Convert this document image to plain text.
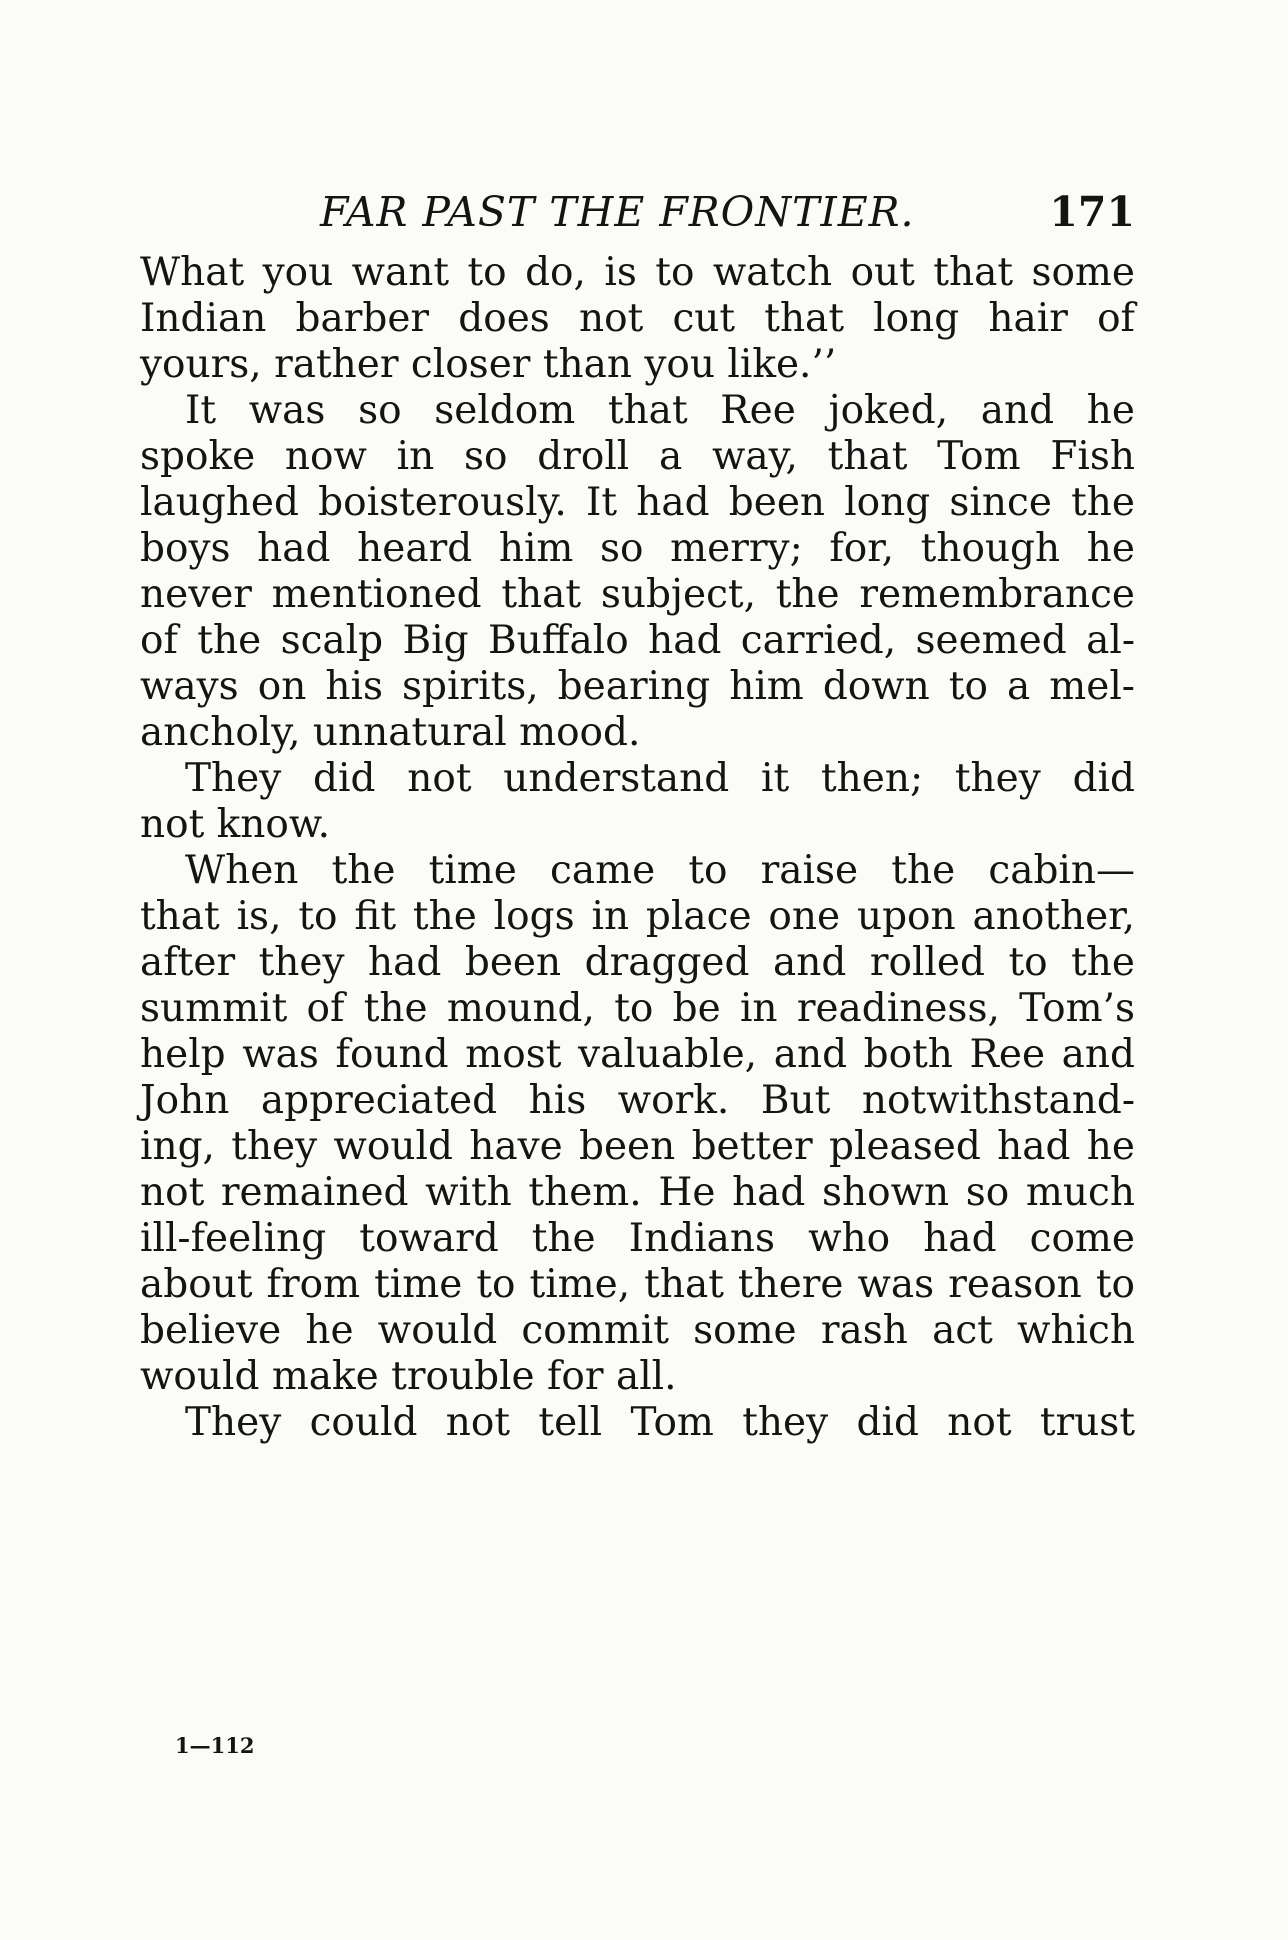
FAR PAST THE FRONTIER.	171
What you want to do, is to watch out that some
Indian barber does not cut that long hair of
yours, rather closer than you like.’’
It was so seldom that Ree joked, and he
spoke now in so droll a way, that Tom Fish
laughed boisterously. It had been long since the
boys had heard him so merry; for, though he
never mentioned that subject, the remembrance
of the scalp Big Buffalo had carried, seemed al-
ways on his spirits, bearing him down to a mel-
ancholy, unnatural mood.
They did not understand it then; they did
not know.
When the time came to raise the cabin—
that is, to fit the logs in place one upon another,
after they had been dragged and rolled to the
summit of the mound, to be in readiness, Tom’s
help was found most valuable, and both Ree and
John appreciated his work. But notwithstand-
ing, they would have been better pleased had he
not remained with them. He had shown so much
ill-feeling toward the Indians who had come
about from time to time, that there was reason to
believe he would commit some rash act which
would make trouble for all.
They could not tell Tom they did not trust
1—112
